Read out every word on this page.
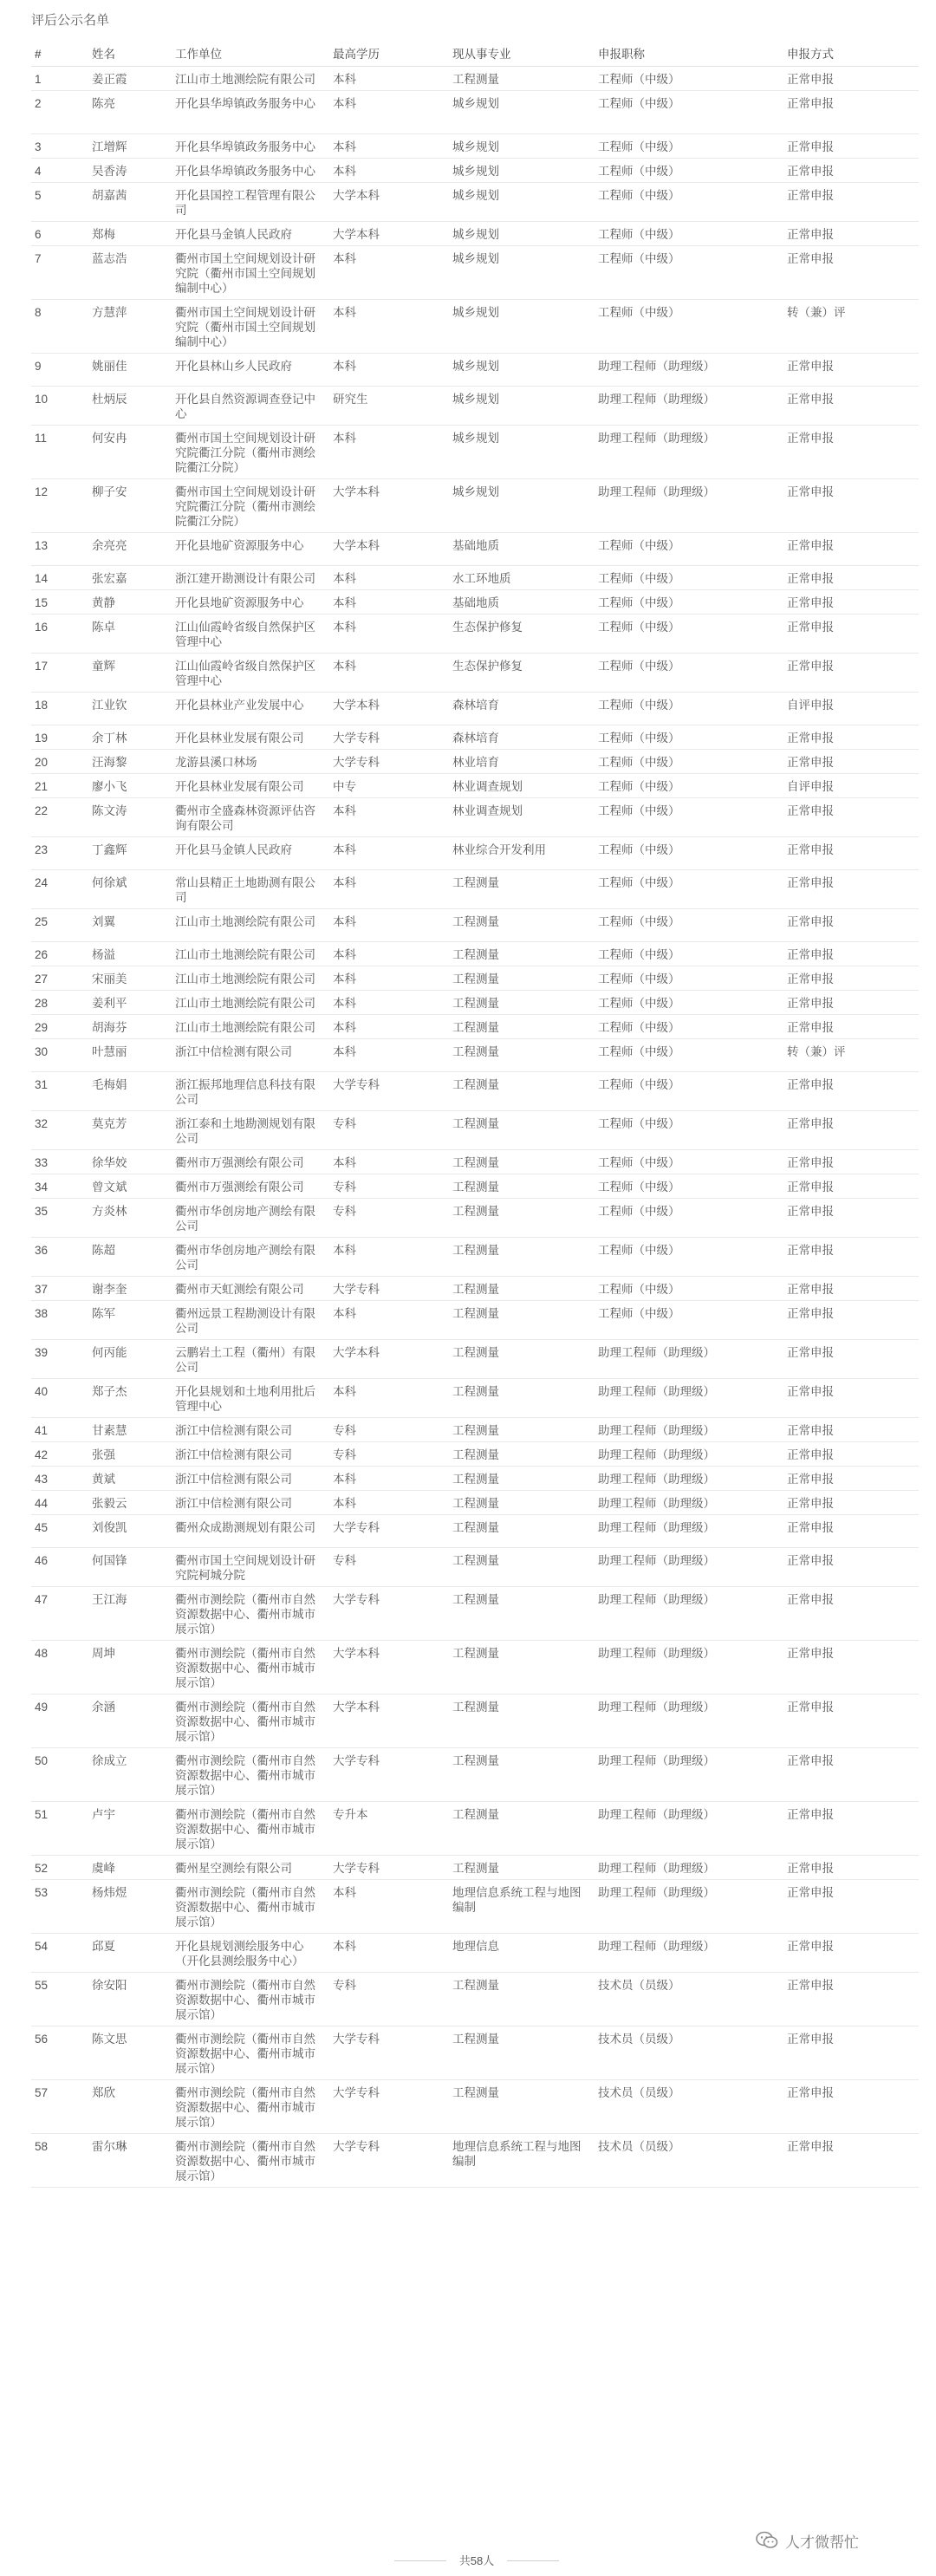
评后公示名单
#	姓名	工作单位	最高学历	现从事专业	申报职称	申报方式
1	姜正霞	江山市土地测绘院有限公司	本科	工程测量	工程师（中级）	正常申报
2	陈亮	开化县华埠镇政务服务中心	本科	城乡规划	工程师（中级）	正常申报
3	江增辉	开化县华埠镇政务服务中心	本科	城乡规划	工程师（中级）	正常申报
4	吴香涛	开化县华埠镇政务服务中心	本科	城乡规划	工程师（中级）	正常申报
5	胡嘉茜	开化县国控工程管理有限公司	大学本科	城乡规划	工程师（中级）	正常申报
6	郑梅	开化县马金镇人民政府	大学本科	城乡规划	工程师（中级）	正常申报
7	蓝志浩	衢州市国土空间规划设计研究院（衢州市国土空间规划编制中心）	本科	城乡规划	工程师（中级）	正常申报
8	方慧萍	衢州市国土空间规划设计研究院（衢州市国土空间规划编制中心）	本科	城乡规划	工程师（中级）	转（兼）评
9	姚丽佳	开化县林山乡人民政府	本科	城乡规划	助理工程师（助理级）	正常申报
10	杜炳辰	开化县自然资源调查登记中心	研究生	城乡规划	助理工程师（助理级）	正常申报
11	何安冉	衢州市国土空间规划设计研究院衢江分院（衢州市测绘院衢江分院）	本科	城乡规划	助理工程师（助理级）	正常申报
12	柳子安	衢州市国土空间规划设计研究院衢江分院（衢州市测绘院衢江分院）	大学本科	城乡规划	助理工程师（助理级）	正常申报
13	余亮亮	开化县地矿资源服务中心	大学本科	基础地质	工程师（中级）	正常申报
14	张宏嘉	浙江建开勘测设计有限公司	本科	水工环地质	工程师（中级）	正常申报
15	黄静	开化县地矿资源服务中心	本科	基础地质	工程师（中级）	正常申报
16	陈卓	江山仙霞岭省级自然保护区管理中心	本科	生态保护修复	工程师（中级）	正常申报
17	童辉	江山仙霞岭省级自然保护区管理中心	本科	生态保护修复	工程师（中级）	正常申报
18	江业钦	开化县林业产业发展中心	大学本科	森林培育	工程师（中级）	自评申报
19	余丁林	开化县林业发展有限公司	大学专科	森林培育	工程师（中级）	正常申报
20	汪海黎	龙游县溪口林场	大学专科	林业培育	工程师（中级）	正常申报
21	廖小飞	开化县林业发展有限公司	中专	林业调查规划	工程师（中级）	自评申报
22	陈文涛	衢州市全盛森林资源评估咨询有限公司	本科	林业调查规划	工程师（中级）	正常申报
23	丁鑫辉	开化县马金镇人民政府	本科	林业综合开发利用	工程师（中级）	正常申报
24	何徐斌	常山县精正土地勘测有限公司	本科	工程测量	工程师（中级）	正常申报
25	刘翼	江山市土地测绘院有限公司	本科	工程测量	工程师（中级）	正常申报
26	杨溢	江山市土地测绘院有限公司	本科	工程测量	工程师（中级）	正常申报
27	宋丽美	江山市土地测绘院有限公司	本科	工程测量	工程师（中级）	正常申报
28	姜利平	江山市土地测绘院有限公司	本科	工程测量	工程师（中级）	正常申报
29	胡海芬	江山市土地测绘院有限公司	本科	工程测量	工程师（中级）	正常申报
30	叶慧丽	浙江中信检测有限公司	本科	工程测量	工程师（中级）	转（兼）评
31	毛梅娟	浙江振邦地理信息科技有限公司	大学专科	工程测量	工程师（中级）	正常申报
32	莫克芳	浙江泰和土地勘测规划有限公司	专科	工程测量	工程师（中级）	正常申报
33	徐华姣	衢州市万强测绘有限公司	本科	工程测量	工程师（中级）	正常申报
34	曾文斌	衢州市万强测绘有限公司	专科	工程测量	工程师（中级）	正常申报
35	方炎林	衢州市华创房地产测绘有限公司	专科	工程测量	工程师（中级）	正常申报
36	陈超	衢州市华创房地产测绘有限公司	本科	工程测量	工程师（中级）	正常申报
37	谢李奎	衢州市天虹测绘有限公司	大学专科	工程测量	工程师（中级）	正常申报
38	陈军	衢州远景工程勘测设计有限公司	本科	工程测量	工程师（中级）	正常申报
39	何丙能	云鹏岩土工程（衢州）有限公司	大学本科	工程测量	助理工程师（助理级）	正常申报
40	郑子杰	开化县规划和土地利用批后管理中心	本科	工程测量	助理工程师（助理级）	正常申报
41	甘素慧	浙江中信检测有限公司	专科	工程测量	助理工程师（助理级）	正常申报
42	张强	浙江中信检测有限公司	专科	工程测量	助理工程师（助理级）	正常申报
43	黄斌	浙江中信检测有限公司	本科	工程测量	助理工程师（助理级）	正常申报
44	张毅云	浙江中信检测有限公司	本科	工程测量	助理工程师（助理级）	正常申报
45	刘俊凯	衢州众成勘测规划有限公司	大学专科	工程测量	助理工程师（助理级）	正常申报
46	何国锋	衢州市国土空间规划设计研究院柯城分院	专科	工程测量	助理工程师（助理级）	正常申报
47	王江海	衢州市测绘院（衢州市自然资源数据中心、衢州市城市展示馆）	大学专科	工程测量	助理工程师（助理级）	正常申报
48	周坤	衢州市测绘院（衢州市自然资源数据中心、衢州市城市展示馆）	大学本科	工程测量	助理工程师（助理级）	正常申报
49	余涵	衢州市测绘院（衢州市自然资源数据中心、衢州市城市展示馆）	大学本科	工程测量	助理工程师（助理级）	正常申报
50	徐成立	衢州市测绘院（衢州市自然资源数据中心、衢州市城市展示馆）	大学专科	工程测量	助理工程师（助理级）	正常申报
51	卢宇	衢州市测绘院（衢州市自然资源数据中心、衢州市城市展示馆）	专升本	工程测量	助理工程师（助理级）	正常申报
52	虞峰	衢州星空测绘有限公司	大学专科	工程测量	助理工程师（助理级）	正常申报
53	杨炜煜	衢州市测绘院（衢州市自然资源数据中心、衢州市城市展示馆）	本科	地理信息系统工程与地图编制	助理工程师（助理级）	正常申报
54	邱夏	开化县规划测绘服务中心（开化县测绘服务中心）	本科	地理信息	助理工程师（助理级）	正常申报
55	徐安阳	衢州市测绘院（衢州市自然资源数据中心、衢州市城市展示馆）	专科	工程测量	技术员（员级）	正常申报
56	陈文思	衢州市测绘院（衢州市自然资源数据中心、衢州市城市展示馆）	大学专科	工程测量	技术员（员级）	正常申报
57	郑欣	衢州市测绘院（衢州市自然资源数据中心、衢州市城市展示馆）	大学专科	工程测量	技术员（员级）	正常申报
58	雷尔琳	衢州市测绘院（衢州市自然资源数据中心、衢州市城市展示馆）	大学专科	地理信息系统工程与地图编制	技术员（员级）	正常申报
共58人
人才微帮忙
